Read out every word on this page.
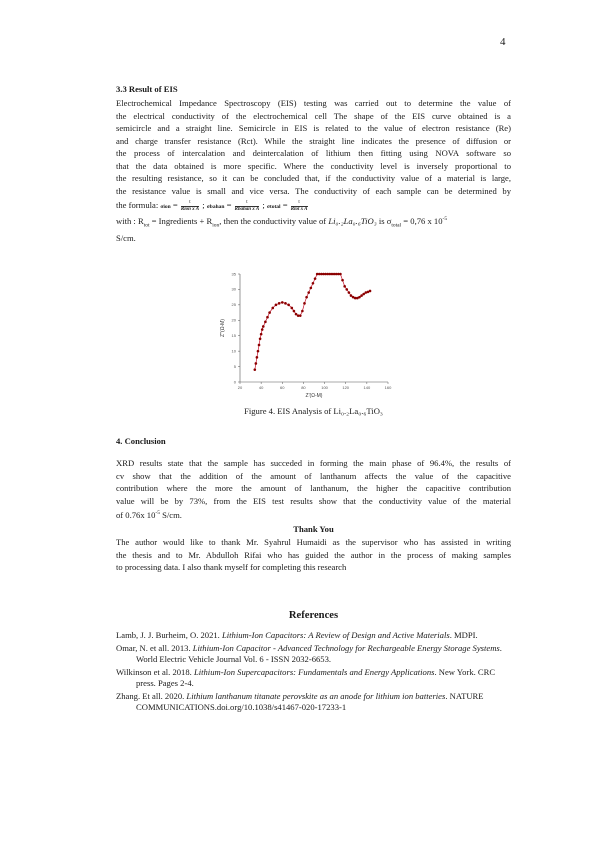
4
3.3 Result of EIS
Electrochemical Impedance Spectroscopy (EIS) testing was carried out to determine the value of
the electrical conductivity of the electrochemical cell The shape of the EIS curve obtained is a
semicircle and a straight line. Semicircle in EIS is related to the value of electron resistance (Re)
and charge transfer resistance (Rct). While the straight line indicates the presence of diffusion or
the process of intercalation and deintercalation of lithium then fitting using NOVA software so
that the data obtained is more specific. Where the conductivity level is inversely proportional to
the resulting resistance, so it can be concluded that, if the conductivity value of a material is large,
the resistance value is small and vice versa. The conductivity of each sample can be determined by
the formula: $\sigma ion = \frac{t}{\text{Rion x A}}$ ; σbahan = $\frac{t}{\text{Rbahan x A}}$ ; σtotal = $\frac{t}{\text{Rtot x A}}$
with : $R_{tot}$ = Ingredients + $R_{ion}$, then the conductivity value of Li₀.₂La₀.₆TiO₃ is $\sigma_{total} = 0,76$ x $10^{-5}$
S/cm.
20	40	60	80	100	120	140	160
0
5
10
15
20
25
30
35
Z'(Ω-M)
Z''(Ω-M)
Figure 4. EIS Analysis of Li₀.₂La₀.₆TiO₃
4. Conclusion
XRD results state that the sample has succeded in forming the main phase of 96.4%, the results of
cv show that the addition of the amount of lanthanum affects the value of the capacitive
contribution where the more the amount of lanthanum, the higher the capacitive contribution
value will be by 73%, from the EIS test results show that the conductivity value of the material
of 0.76x $10^{-5}$ S/cm.
Thank You
The author would like to thank Mr. Syahrul Humaidi as the supervisor who has assisted in writing
the thesis and to Mr. Abdulloh Rifai who has guided the author in the process of making samples
to processing data. I also thank myself for completing this research
References
Lamb, J. J. Burheim, O. 2021. Lithium-Ion Capacitors: A Review of Design and Active Materials. MDPI.
Omar, N. et all. 2013. Lithium-Ion Capacitor - Advanced Technology for Rechargeable Energy Storage Systems. World Electric Vehicle Journal Vol. 6 - ISSN 2032-6653.
Wilkinson et al. 2018. Lithium-Ion Supercapacitors: Fundamentals and Energy Applications. New York. CRC press. Pages 2-4.
Zhang. Et all. 2020. Lithium lanthanum titanate perovskite as an anode for lithium ion batteries. NATURE COMMUNICATIONS.doi.org/10.1038/s41467-020-17233-1
